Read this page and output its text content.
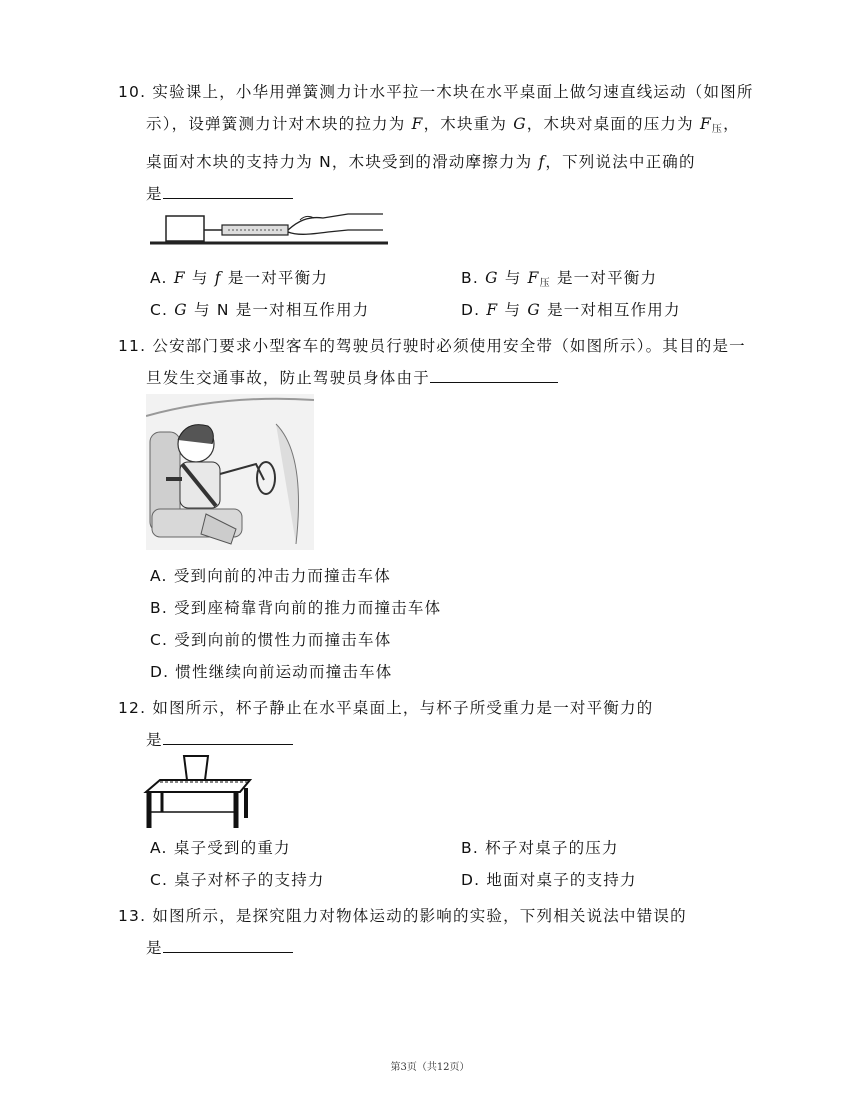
10. 实验课上，小华用弹簧测力计水平拉一木块在水平桌面上做匀速直线运动（如图所
示），设弹簧测力计对木块的拉力为 F，木块重为 G，木块对桌面的压力为 $F_压$，
桌面对木块的支持力为 N，木块受到的滑动摩擦力为 f，下列说法中正确的
是
A. F 与 f 是一对平衡力	B. G 与 $F_压$ 是一对平衡力
C. G 与 N 是一对相互作用力	D. F 与 G 是一对相互作用力
11. 公安部门要求小型客车的驾驶员行驶时必须使用安全带（如图所示）。其目的是一
旦发生交通事故，防止驾驶员身体由于
A. 受到向前的冲击力而撞击车体
B. 受到座椅靠背向前的推力而撞击车体
C. 受到向前的惯性力而撞击车体
D. 惯性继续向前运动而撞击车体
12. 如图所示，杯子静止在水平桌面上，与杯子所受重力是一对平衡力的
是
A. 桌子受到的重力	B. 杯子对桌子的压力
C. 桌子对杯子的支持力	D. 地面对桌子的支持力
13. 如图所示，是探究阻力对物体运动的影响的实验，下列相关说法中错误的
是
第3页（共12页）
